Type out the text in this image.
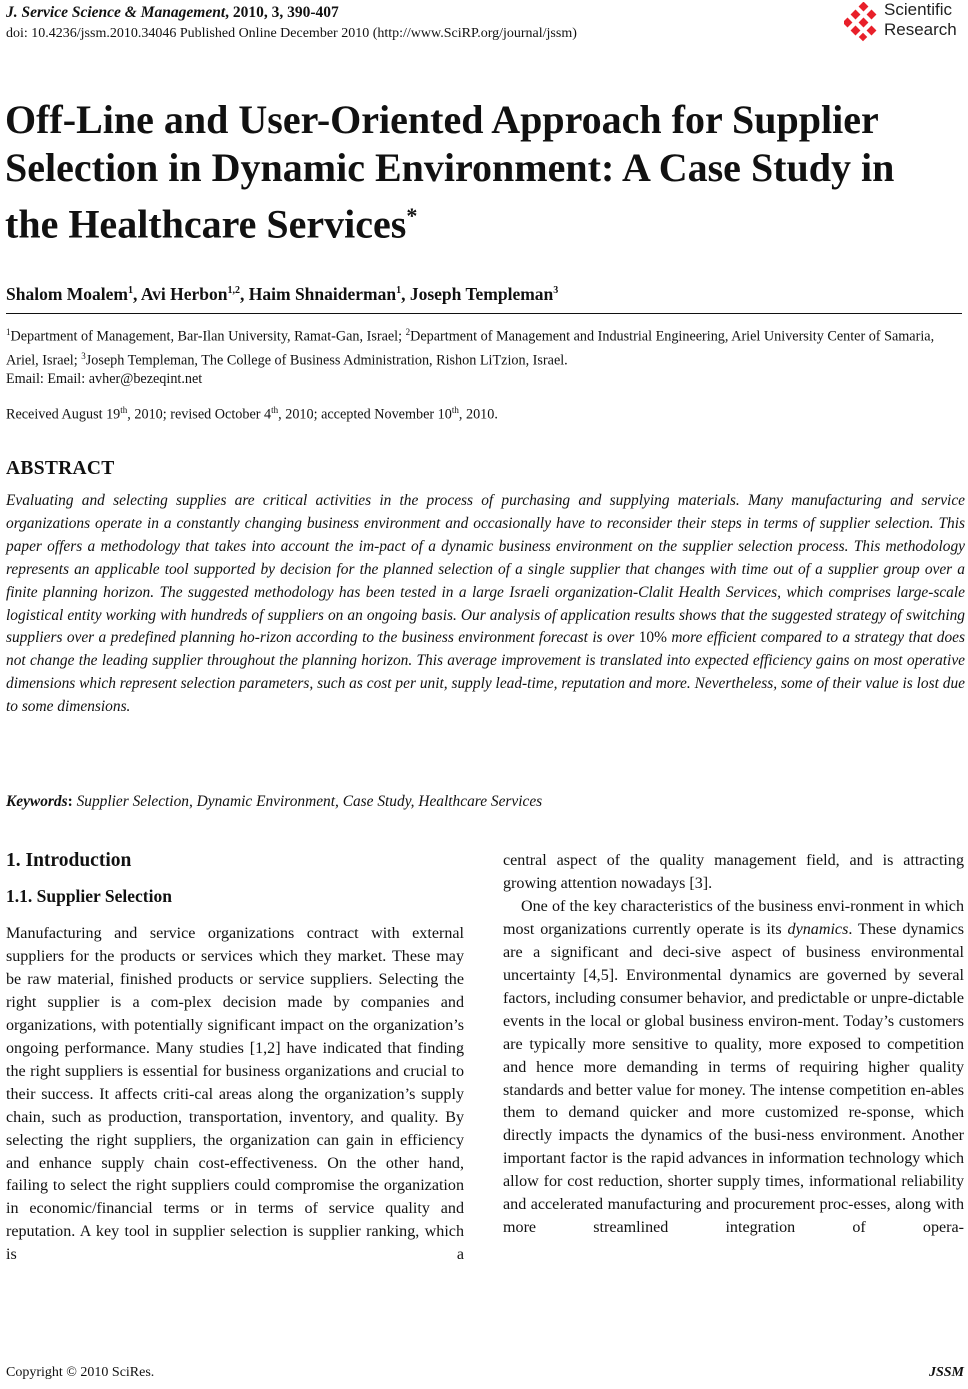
J. Service Science & Management, 2010, 3, 390-407
doi: 10.4236/jssm.2010.34046 Published Online December 2010 (http://www.SciRP.org/journal/jssm)
Scientific
Research
Off-Line and User-Oriented Approach for Supplier Selection in Dynamic Environment: A Case Study in the Healthcare Services*
Shalom Moalem$^1$, Avi Herbon$^{1,2}$, Haim Shnaiderman$^1$, Joseph Templeman$^3$
$^1$Department of Management, Bar-Ilan University, Ramat-Gan, Israel; $^2$Department of Management and Industrial Engineering, Ariel University Center of Samaria, Ariel, Israel; $^3$Joseph Templeman, The College of Business Administration, Rishon LiTzion, Israel.
Email: Email: avher@bezeqint.net
Received August 19th, 2010; revised October 4th, 2010; accepted November 10th, 2010.
ABSTRACT
Evaluating and selecting supplies are critical activities in the process of purchasing and supplying materials. Many manufacturing and service organizations operate in a constantly changing business environment and occasionally have to reconsider their steps in terms of supplier selection. This paper offers a methodology that takes into account the im-pact of a dynamic business environment on the supplier selection process. This methodology represents an applicable tool supported by decision for the planned selection of a single supplier that changes with time out of a supplier group over a finite planning horizon. The suggested methodology has been tested in a large Israeli organization-Clalit Health Services, which comprises large-scale logistical entity working with hundreds of suppliers on an ongoing basis. Our analysis of application results shows that the suggested strategy of switching suppliers over a predefined planning ho-rizon according to the business environment forecast is over 10% more efficient compared to a strategy that does not change the leading supplier throughout the planning horizon. This average improvement is translated into expected efficiency gains on most operative dimensions which represent selection parameters, such as cost per unit, supply lead-time, reputation and more. Nevertheless, some of their value is lost due to some dimensions.
Keywords: Supplier Selection, Dynamic Environment, Case Study, Healthcare Services
1. Introduction
1.1. Supplier Selection

Manufacturing and service organizations contract with external suppliers for the products or services which they market. These may be raw material, finished products or service suppliers. Selecting the right supplier is a com-plex decision made by companies and organizations, with potentially significant impact on the organization’s ongoing performance. Many studies [1,2] have indicated that finding the right suppliers is essential for business organizations and crucial to their success. It affects criti-cal areas along the organization’s supply chain, such as production, transportation, inventory, and quality. By selecting the right suppliers, the organization can gain in efficiency and enhance supply chain cost-effectiveness. On the other hand, failing to select the right suppliers could compromise the organization in economic/financial terms or in terms of service quality and reputation. A key tool in supplier selection is supplier ranking, which is a

central aspect of the quality management field, and is attracting growing attention nowadays [3].

One of the key characteristics of the business envi-ronment in which most organizations currently operate is its dynamics. These dynamics are a significant and deci-sive aspect of business environmental uncertainty [4,5]. Environmental dynamics are governed by several factors, including consumer behavior, and predictable or unpre-dictable events in the local or global business environ-ment. Today’s customers are typically more sensitive to quality, more exposed to competition and hence more demanding in terms of requiring higher quality standards and better value for money. The intense competition en-ables them to demand quicker and more customized re-sponse, which directly impacts the dynamics of the busi-ness environment. Another important factor is the rapid advances in information technology which allow for cost reduction, shorter supply times, informational reliability and accelerated manufacturing and procurement proc-esses, along with more streamlined integration of opera-

Copyright © 2010 SciRes.	JSSM
